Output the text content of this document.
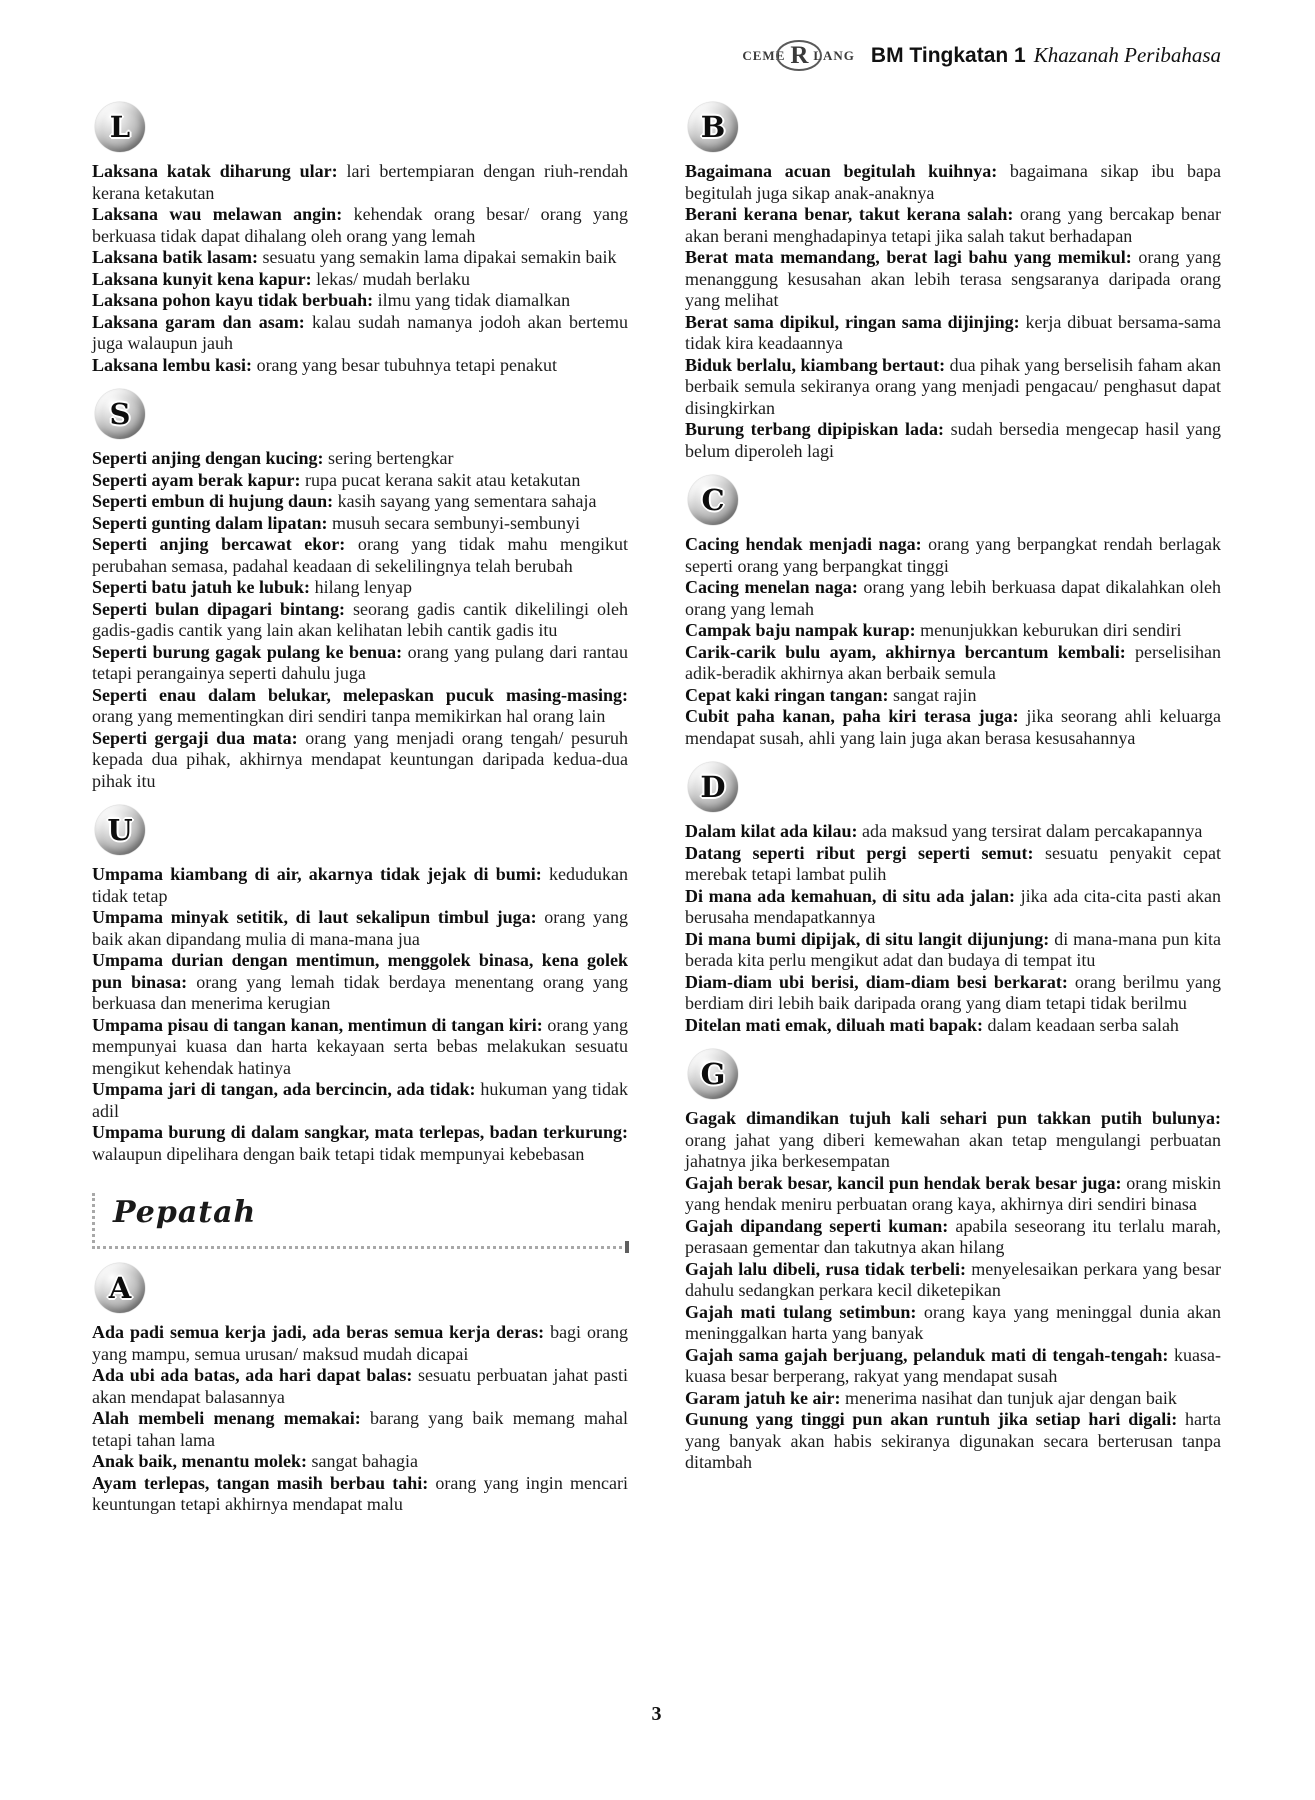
CEME R LANG BM Tingkatan 1 Khazanah Peribahasa
L

Laksana katak diharung ular: lari bertempiaran dengan riuh-rendah kerana ketakutan

Laksana wau melawan angin: kehendak orang besar/ orang yang berkuasa tidak dapat dihalang oleh orang yang lemah

Laksana batik lasam: sesuatu yang semakin lama dipakai semakin baik

Laksana kunyit kena kapur: lekas/ mudah berlaku

Laksana pohon kayu tidak berbuah: ilmu yang tidak diamalkan

Laksana garam dan asam: kalau sudah namanya jodoh akan bertemu juga walaupun jauh

Laksana lembu kasi: orang yang besar tubuhnya tetapi penakut

S

Seperti anjing dengan kucing: sering bertengkar

Seperti ayam berak kapur: rupa pucat kerana sakit atau ketakutan

Seperti embun di hujung daun: kasih sayang yang sementara sahaja

Seperti gunting dalam lipatan: musuh secara sembunyi-sembunyi

Seperti anjing bercawat ekor: orang yang tidak mahu mengikut perubahan semasa, padahal keadaan di sekelilingnya telah berubah

Seperti batu jatuh ke lubuk: hilang lenyap

Seperti bulan dipagari bintang: seorang gadis cantik dikelilingi oleh gadis-gadis cantik yang lain akan kelihatan lebih cantik gadis itu

Seperti burung gagak pulang ke benua: orang yang pulang dari rantau tetapi perangainya seperti dahulu juga

Seperti enau dalam belukar, melepaskan pucuk masing-masing: orang yang mementingkan diri sendiri tanpa memikirkan hal orang lain

Seperti gergaji dua mata: orang yang menjadi orang tengah/ pesuruh kepada dua pihak, akhirnya mendapat keuntungan daripada kedua-dua pihak itu

U

Umpama kiambang di air, akarnya tidak jejak di bumi: kedudukan tidak tetap

Umpama minyak setitik, di laut sekalipun timbul juga: orang yang baik akan dipandang mulia di mana-mana jua

Umpama durian dengan mentimun, menggolek binasa, kena golek pun binasa: orang yang lemah tidak berdaya menentang orang yang berkuasa dan menerima kerugian

Umpama pisau di tangan kanan, mentimun di tangan kiri: orang yang mempunyai kuasa dan harta kekayaan serta bebas melakukan sesuatu mengikut kehendak hatinya

Umpama jari di tangan, ada bercincin, ada tidak: hukuman yang tidak adil

Umpama burung di dalam sangkar, mata terlepas, badan terkurung: walaupun dipelihara dengan baik tetapi tidak mempunyai kebebasan

Pepatah
A

Ada padi semua kerja jadi, ada beras semua kerja deras: bagi orang yang mampu, semua urusan/ maksud mudah dicapai

Ada ubi ada batas, ada hari dapat balas: sesuatu perbuatan jahat pasti akan mendapat balasannya

Alah membeli menang memakai: barang yang baik memang mahal tetapi tahan lama

Anak baik, menantu molek: sangat bahagia

Ayam terlepas, tangan masih berbau tahi: orang yang ingin mencari keuntungan tetapi akhirnya mendapat malu

B

Bagaimana acuan begitulah kuihnya: bagaimana sikap ibu bapa begitulah juga sikap anak-anaknya

Berani kerana benar, takut kerana salah: orang yang bercakap benar akan berani menghadapinya tetapi jika salah takut berhadapan

Berat mata memandang, berat lagi bahu yang memikul: orang yang menanggung kesusahan akan lebih terasa sengsaranya daripada orang yang melihat

Berat sama dipikul, ringan sama dijinjing: kerja dibuat bersama-sama tidak kira keadaannya

Biduk berlalu, kiambang bertaut: dua pihak yang berselisih faham akan berbaik semula sekiranya orang yang menjadi pengacau/ penghasut dapat disingkirkan

Burung terbang dipipiskan lada: sudah bersedia mengecap hasil yang belum diperoleh lagi

C

Cacing hendak menjadi naga: orang yang berpangkat rendah berlagak seperti orang yang berpangkat tinggi

Cacing menelan naga: orang yang lebih berkuasa dapat dikalahkan oleh orang yang lemah

Campak baju nampak kurap: menunjukkan keburukan diri sendiri

Carik-carik bulu ayam, akhirnya bercantum kembali: perselisihan adik-beradik akhirnya akan berbaik semula

Cepat kaki ringan tangan: sangat rajin

Cubit paha kanan, paha kiri terasa juga: jika seorang ahli keluarga mendapat susah, ahli yang lain juga akan berasa kesusahannya

D

Dalam kilat ada kilau: ada maksud yang tersirat dalam percakapannya

Datang seperti ribut pergi seperti semut: sesuatu penyakit cepat merebak tetapi lambat pulih

Di mana ada kemahuan, di situ ada jalan: jika ada cita-cita pasti akan berusaha mendapatkannya

Di mana bumi dipijak, di situ langit dijunjung: di mana-mana pun kita berada kita perlu mengikut adat dan budaya di tempat itu

Diam-diam ubi berisi, diam-diam besi berkarat: orang berilmu yang berdiam diri lebih baik daripada orang yang diam tetapi tidak berilmu

Ditelan mati emak, diluah mati bapak: dalam keadaan serba salah

G

Gagak dimandikan tujuh kali sehari pun takkan putih bulunya: orang jahat yang diberi kemewahan akan tetap mengulangi perbuatan jahatnya jika berkesempatan

Gajah berak besar, kancil pun hendak berak besar juga: orang miskin yang hendak meniru perbuatan orang kaya, akhirnya diri sendiri binasa

Gajah dipandang seperti kuman: apabila seseorang itu terlalu marah, perasaan gementar dan takutnya akan hilang

Gajah lalu dibeli, rusa tidak terbeli: menyelesaikan perkara yang besar dahulu sedangkan perkara kecil diketepikan

Gajah mati tulang setimbun: orang kaya yang meninggal dunia akan meninggalkan harta yang banyak

Gajah sama gajah berjuang, pelanduk mati di tengah-tengah: kuasa-kuasa besar berperang, rakyat yang mendapat susah

Garam jatuh ke air: menerima nasihat dan tunjuk ajar dengan baik

Gunung yang tinggi pun akan runtuh jika setiap hari digali: harta yang banyak akan habis sekiranya digunakan secara berterusan tanpa ditambah

3
